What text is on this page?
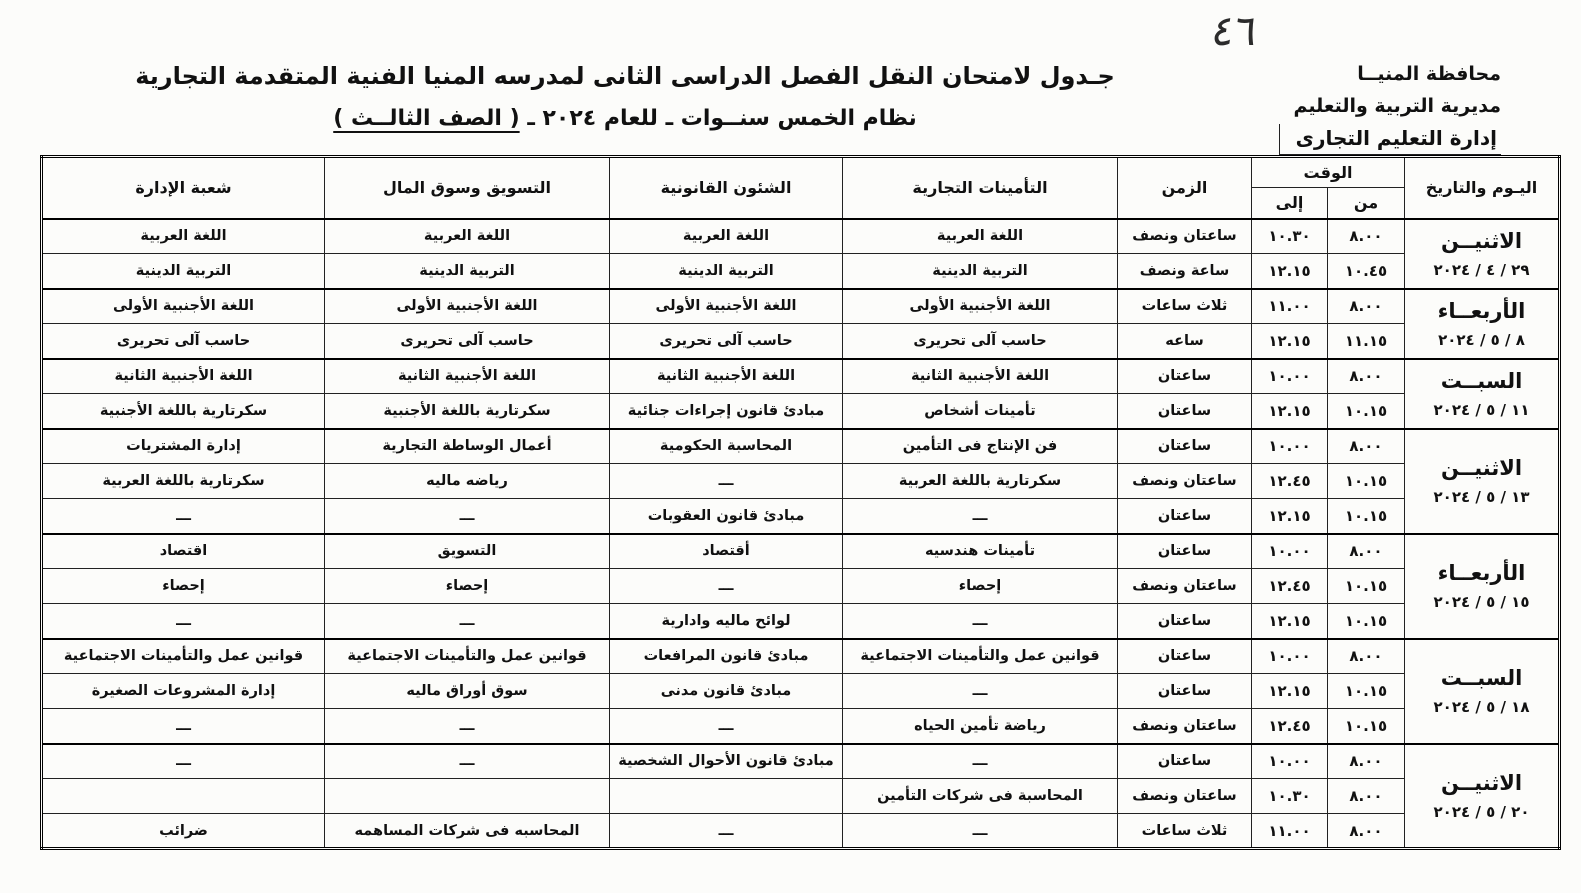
٤٦
محافظة المنيــا
مديرية التربية والتعليم
إدارة التعليم التجارى
جـدول لامتحان النقل الفصل الدراسى الثانى لمدرسه المنيا الفنية المتقدمة التجارية
نظام الخمس سنــوات ـ للعام ٢٠٢٤ ـ ( الصف الثالــث )
اليـوم والتاريخ	الوقت		الزمن	التأمينات التجارية	الشئون القانونية	التسويق وسوق المال	شعبة الإدارة
	من	إلى					

الاثنيــن
٢٩ / ٤ / ٢٠٢٤	٨.٠٠	١٠.٣٠	ساعتان ونصف	اللغة العربية	اللغة العربية	اللغة العربية	اللغة العربية
	١٠.٤٥	١٢.١٥	ساعة ونصف	التربية الدينية	التربية الدينية	التربية الدينية	التربية الدينية

الأربعــاء
٨ / ٥ / ٢٠٢٤	٨.٠٠	١١.٠٠	ثلاث ساعات	اللغة الأجنبية الأولى	اللغة الأجنبية الأولى	اللغة الأجنبية الأولى	اللغة الأجنبية الأولى
	١١.١٥	١٢.١٥	ساعه	حاسب آلى تحريرى	حاسب آلى تحريرى	حاسب آلى تحريرى	حاسب آلى تحريرى

السبــت
١١ / ٥ / ٢٠٢٤	٨.٠٠	١٠.٠٠	ساعتان	اللغة الأجنبية الثانية	اللغة الأجنبية الثانية	اللغة الأجنبية الثانية	اللغة الأجنبية الثانية
	١٠.١٥	١٢.١٥	ساعتان	تأمينات أشخاص	مبادئ قانون إجراءات جنائية	سكرتارية باللغة الأجنبية	سكرتارية باللغة الأجنبية

الاثنيــن
١٣ / ٥ / ٢٠٢٤	٨.٠٠	١٠.٠٠	ساعتان	فن الإنتاج فى التأمين	المحاسبة الحكومية	أعمال الوساطة التجارية	إدارة المشتريات
	١٠.١٥	١٢.٤٥	ساعتان ونصف	سكرتارية باللغة العربية	ـــ	رياضه ماليه	سكرتارية باللغة العربية
	١٠.١٥	١٢.١٥	ساعتان	ـــ	مبادئ قانون العقوبات	ـــ	ـــ

الأربعــاء
١٥ / ٥ / ٢٠٢٤	٨.٠٠	١٠.٠٠	ساعتان	تأمينات هندسيه	أقتصاد	التسويق	اقتصاد
	١٠.١٥	١٢.٤٥	ساعتان ونصف	إحصاء	ـــ	إحصاء	إحصاء
	١٠.١٥	١٢.١٥	ساعتان	ـــ	لوائح ماليه وادارية	ـــ	ـــ

السبــت
١٨ / ٥ / ٢٠٢٤	٨.٠٠	١٠.٠٠	ساعتان	قوانين عمل والتأمينات الاجتماعية	مبادئ قانون المرافعات	قوانين عمل والتأمينات الاجتماعية	قوانين عمل والتأمينات الاجتماعية
	١٠.١٥	١٢.١٥	ساعتان	ـــ	مبادئ قانون مدنى	سوق أوراق ماليه	إدارة المشروعات الصغيرة
	١٠.١٥	١٢.٤٥	ساعتان ونصف	رياضة تأمين الحياه	ـــ	ـــ	ـــ

الاثنيــن
٢٠ / ٥ / ٢٠٢٤	٨.٠٠	١٠.٠٠	ساعتان	ـــ	مبادئ قانون الأحوال الشخصية	ـــ	ـــ
	٨.٠٠	١٠.٣٠	ساعتان ونصف	المحاسبة فى شركات التأمين			
	٨.٠٠	١١.٠٠	ثلاث ساعات	ـــ	ـــ	المحاسبه فى شركات المساهمه	ضرائب
